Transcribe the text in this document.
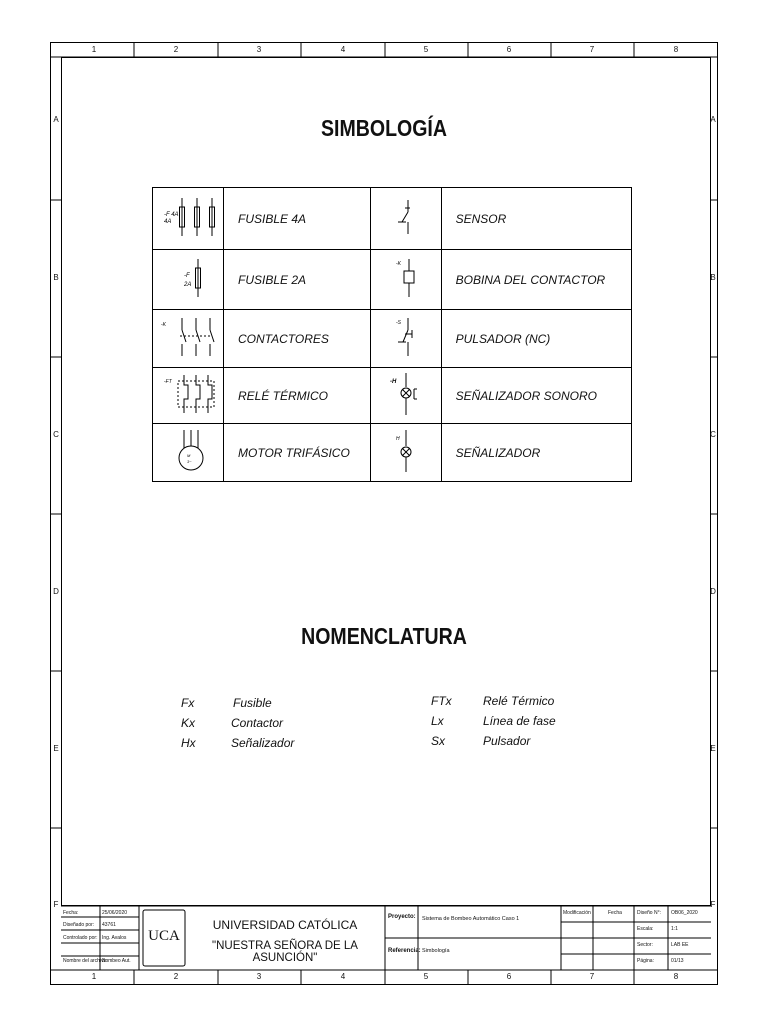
1	2	3	4	5	6	7	8
1	2	3	4	5	6	7	8
A	A
B	B
C	C
D	D
E	E
F	F
SIMBOLOGÍA
NOMENCLATURA
-F 4A
4A	FUSIBLE 4A		SENSOR

-F
2A	FUSIBLE 2A	-K	BOBINA DEL CONTACTOR

-K	CONTACTORES	-S	PULSADOR (NC)

-FT	RELÉ TÉRMICO	-H	SEÑALIZADOR SONORO

M
3~	MOTOR TRIFÁSICO	H	SEÑALIZADOR
Fx	Fusible
Kx	Contactor
Hx	Señalizador
FTx	Relé Térmico
Lx	Línea de fase
Sx	Pulsador
Fecha:	25/06/2020
Diseñado por: 43761
Controlado por: Ing. Avalos
Nombre del archivo:
Bombeo Aut.
UCA
UNIVERSIDAD CATÓLICA
"NUESTRA SEÑORA DE LA ASUNCIÓN"
Proyecto: Sistema de Bombeo Automático Caso 1
Referencia: Simbología
Modificación	Fecha	Diseño N°: OB06_2020
Escala:	1:1
Sector:	LAB EE
Página:	01/13
